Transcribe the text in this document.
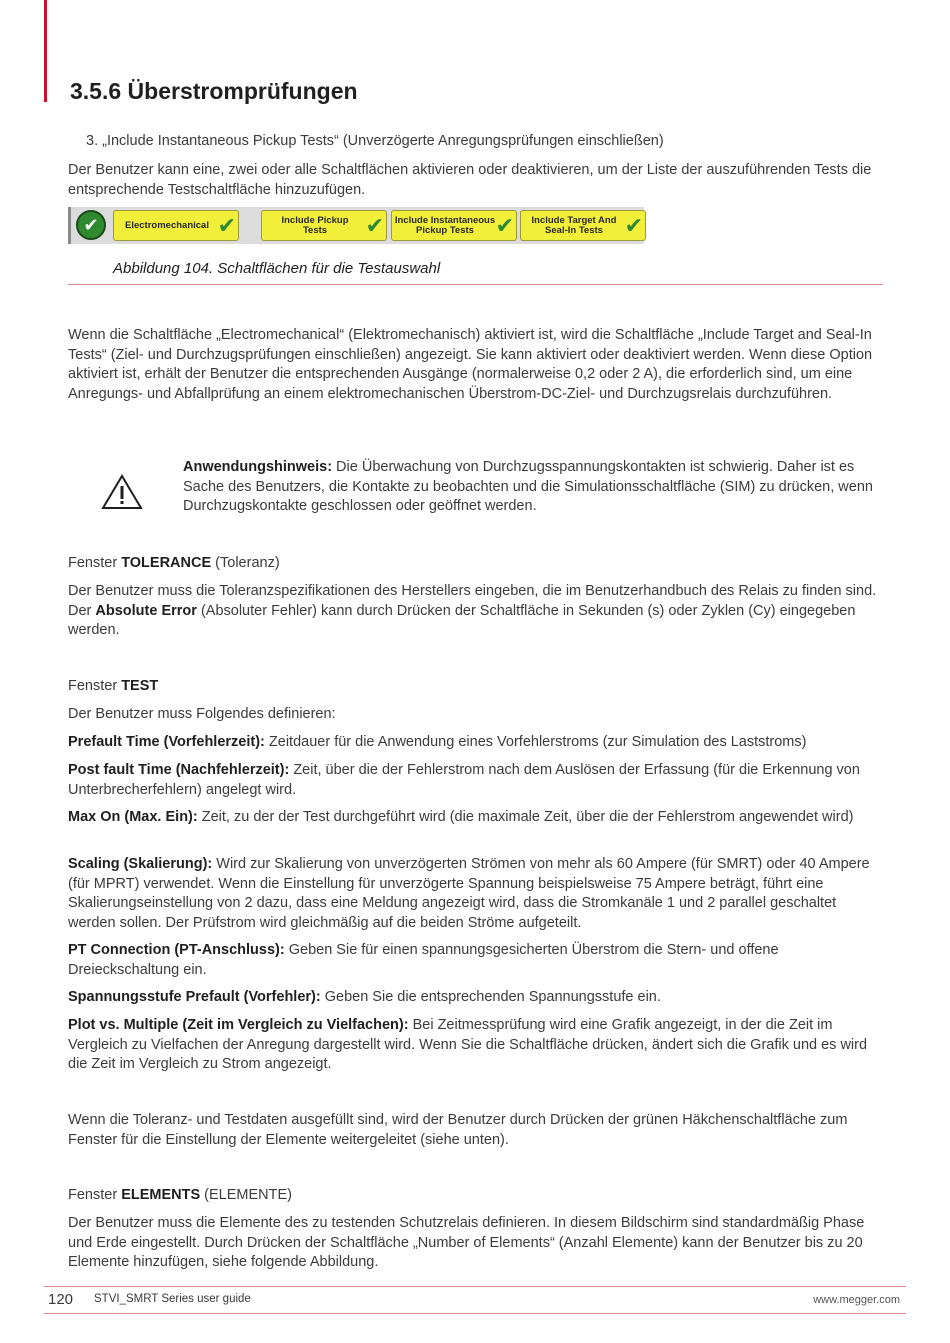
3.5.6 Überstromprüfungen

3. „Include Instantaneous Pickup Tests“ (Unverzögerte Anregungsprüfungen einschließen)

Der Benutzer kann eine, zwei oder alle Schaltflächen aktivieren oder deaktivieren, um der Liste der auszuführenden Tests die entsprechende Testschaltfläche hinzuzufügen.

✔	Electromechanical ✔	Include Pickup
Tests	✔ Include Instantaneous
Pickup Tests ✔	Include Target And
Seal-In Tests ✔

Abbildung 104. Schaltflächen für die Testauswahl

Wenn die Schaltfläche „Electromechanical“ (Elektromechanisch) aktiviert ist, wird die Schaltfläche „Include Target and Seal-In Tests“ (Ziel- und Durchzugsprüfungen einschließen) angezeigt. Sie kann aktiviert oder deaktiviert werden. Wenn diese Option aktiviert ist, erhält der Benutzer die entsprechenden Ausgänge (normalerweise 0,2 oder 2 A), die erforderlich sind, um eine Anregungs- und Abfallprüfung an einem elektromechanischen Überstrom-DC-Ziel- und Durchzugsrelais durchzuführen.

Anwendungshinweis: Die Überwachung von Durchzugsspannungskontakten ist schwierig. Daher ist es Sache des Benutzers, die Kontakte zu beobachten und die Simulationsschaltfläche (SIM) zu drücken, wenn Durchzugskontakte geschlossen oder geöffnet werden.

Fenster TOLERANCE (Toleranz)

Der Benutzer muss die Toleranzspezifikationen des Herstellers eingeben, die im Benutzerhandbuch des Relais zu finden sind. Der Absolute Error (Absoluter Fehler) kann durch Drücken der Schaltfläche in Sekunden (s) oder Zyklen (Cy) eingegeben werden.

Fenster TEST

Der Benutzer muss Folgendes definieren:

Prefault Time (Vorfehlerzeit): Zeitdauer für die Anwendung eines Vorfehlerstroms (zur Simulation des Laststroms)

Post fault Time (Nachfehlerzeit): Zeit, über die der Fehlerstrom nach dem Auslösen der Erfassung (für die Erkennung von Unterbrecherfehlern) angelegt wird.

Max On (Max. Ein): Zeit, zu der der Test durchgeführt wird (die maximale Zeit, über die der Fehlerstrom angewendet wird)

Scaling (Skalierung): Wird zur Skalierung von unverzögerten Strömen von mehr als 60 Ampere (für SMRT) oder 40 Ampere (für MPRT) verwendet. Wenn die Einstellung für unverzögerte Spannung beispielsweise 75 Ampere beträgt, führt eine Skalierungseinstellung von 2 dazu, dass eine Meldung angezeigt wird, dass die Stromkanäle 1 und 2 parallel geschaltet werden sollen. Der Prüfstrom wird gleichmäßig auf die beiden Ströme aufgeteilt.

PT Connection (PT-Anschluss): Geben Sie für einen spannungsgesicherten Überstrom die Stern- und offene Dreieckschaltung ein.

Spannungsstufe Prefault (Vorfehler): Geben Sie die entsprechenden Spannungsstufe ein.

Plot vs. Multiple (Zeit im Vergleich zu Vielfachen): Bei Zeitmessprüfung wird eine Grafik angezeigt, in der die Zeit im Vergleich zu Vielfachen der Anregung dargestellt wird. Wenn Sie die Schaltfläche drücken, ändert sich die Grafik und es wird die Zeit im Vergleich zu Strom angezeigt.

Wenn die Toleranz- und Testdaten ausgefüllt sind, wird der Benutzer durch Drücken der grünen Häkchenschaltfläche zum Fenster für die Einstellung der Elemente weitergeleitet (siehe unten).

Fenster ELEMENTS (ELEMENTE)

Der Benutzer muss die Elemente des zu testenden Schutzrelais definieren. In diesem Bildschirm sind standardmäßig Phase und Erde eingestellt. Durch Drücken der Schaltfläche „Number of Elements“ (Anzahl Elemente) kann der Benutzer bis zu 20 Elemente hinzufügen, siehe folgende Abbildung.

120 STVI_SMRT Series user guide	www.megger.com
